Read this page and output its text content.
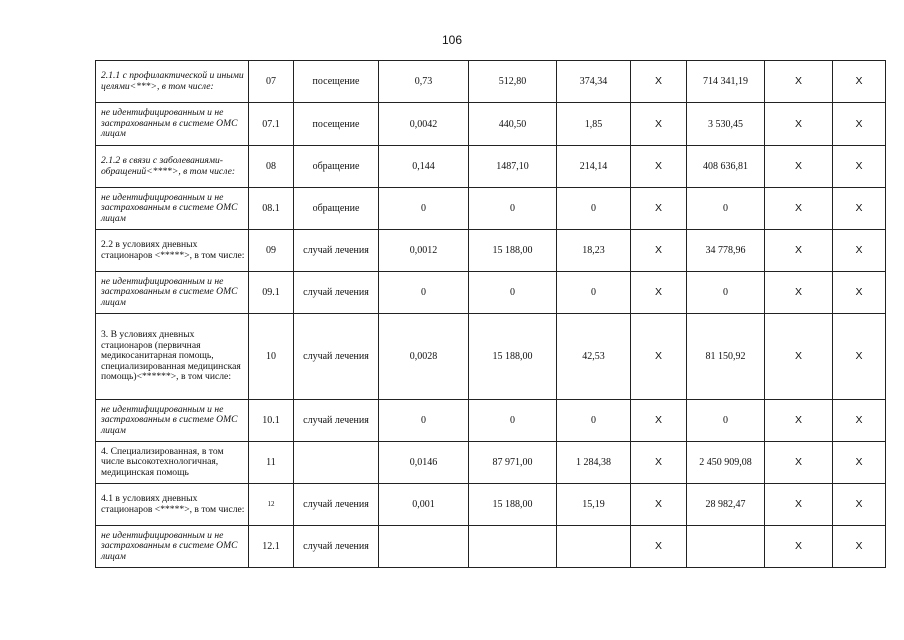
106
2.1.1 с профилактической и иными целями<***>, в том числе:	07	посещение	0,73	512,80	374,34	X	714 341,19	X	X
не идентифицированным и не застрахованным в системе ОМС лицам	07.1	посещение	0,0042	440,50	1,85	X	3 530,45	X	X
2.1.2 в связи с заболеваниями-обращений<****>, в том числе:	08	обращение	0,144	1487,10	214,14	X	408 636,81	X	X
не идентифицированным и не застрахованным в системе ОМС лицам	08.1	обращение	0	0	0	X	0	X	X
2.2 в условиях дневных стационаров <*****>, в том числе:	09	случай лечения	0,0012	15 188,00	18,23	X	34 778,96	X	X
не идентифицированным и не застрахованным в системе ОМС лицам	09.1	случай лечения	0	0	0	X	0	X	X
3. В условиях дневных стационаров (первичная медикосанитарная помощь, специализированная медицинская помощь)<******>, в том числе:	10	случай лечения	0,0028	15 188,00	42,53	X	81 150,92	X	X
не идентифицированным и не застрахованным в системе ОМС лицам	10.1	случай лечения	0	0	0	X	0	X	X
4. Специализированная, в том числе высокотехнологичная, медицинская помощь	11		0,0146	87 971,00	1 284,38	X	2 450 909,08	X	X
4.1 в условиях дневных стационаров <*****>, в том числе:	12	случай лечения	0,001	15 188,00	15,19	X	28 982,47	X	X
не идентифицированным и не застрахованным в системе ОМС лицам	12.1	случай лечения				X		X	X
